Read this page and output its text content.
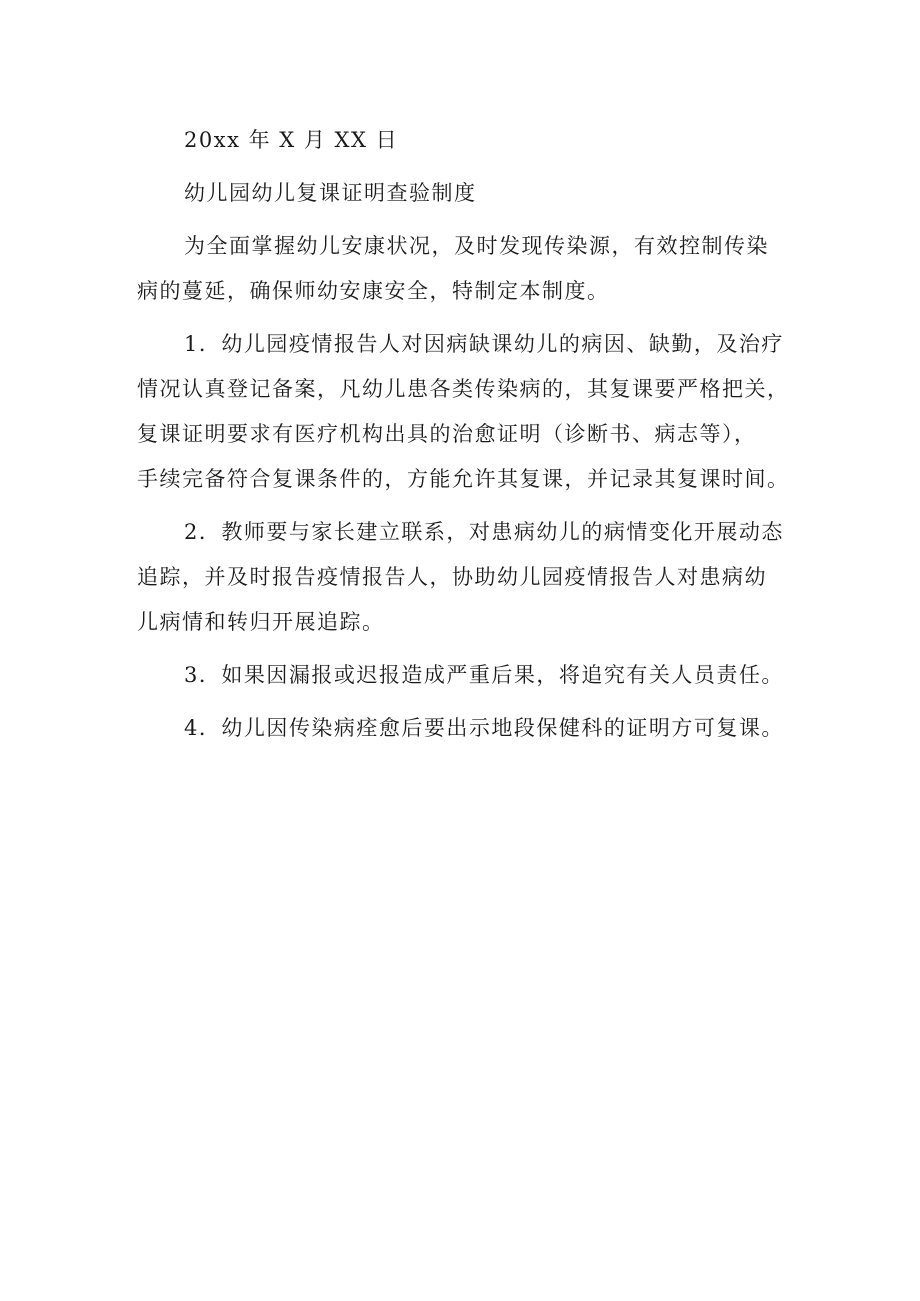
20xx 年 X 月 XX 日
幼儿园幼儿复课证明查验制度
为全面掌握幼儿安康状况，及时发现传染源，有效控制传染
病的蔓延，确保师幼安康安全，特制定本制度。
1．幼儿园疫情报告人对因病缺课幼儿的病因、缺勤，及治疗
情况认真登记备案，凡幼儿患各类传染病的，其复课要严格把关，
复课证明要求有医疗机构出具的治愈证明（诊断书、病志等），
手续完备符合复课条件的，方能允许其复课，并记录其复课时间。
2．教师要与家长建立联系，对患病幼儿的病情变化开展动态
追踪，并及时报告疫情报告人，协助幼儿园疫情报告人对患病幼
儿病情和转归开展追踪。
3．如果因漏报或迟报造成严重后果，将追究有关人员责任。
4．幼儿因传染病痊愈后要出示地段保健科的证明方可复课。
